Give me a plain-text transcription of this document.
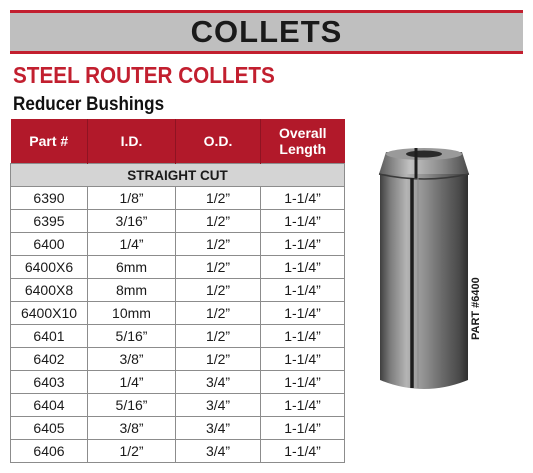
COLLETS
STEEL ROUTER COLLETS
Reducer Bushings
Part #	I.D.	O.D.	Overall
Length
STRAIGHT CUT			
6390	1/8”	1/2”	1-1/4”
6395	3/16”	1/2”	1-1/4”
6400	1/4”	1/2”	1-1/4”
6400X6	6mm	1/2”	1-1/4”
6400X8	8mm	1/2”	1-1/4”
6400X10	10mm	1/2”	1-1/4”
6401	5/16”	1/2”	1-1/4”
6402	3/8”	1/2”	1-1/4”
6403	1/4”	3/4”	1-1/4”
6404	5/16”	3/4”	1-1/4”
6405	3/8”	3/4”	1-1/4”
6406	1/2”	3/4”	1-1/4”
PART #6400
